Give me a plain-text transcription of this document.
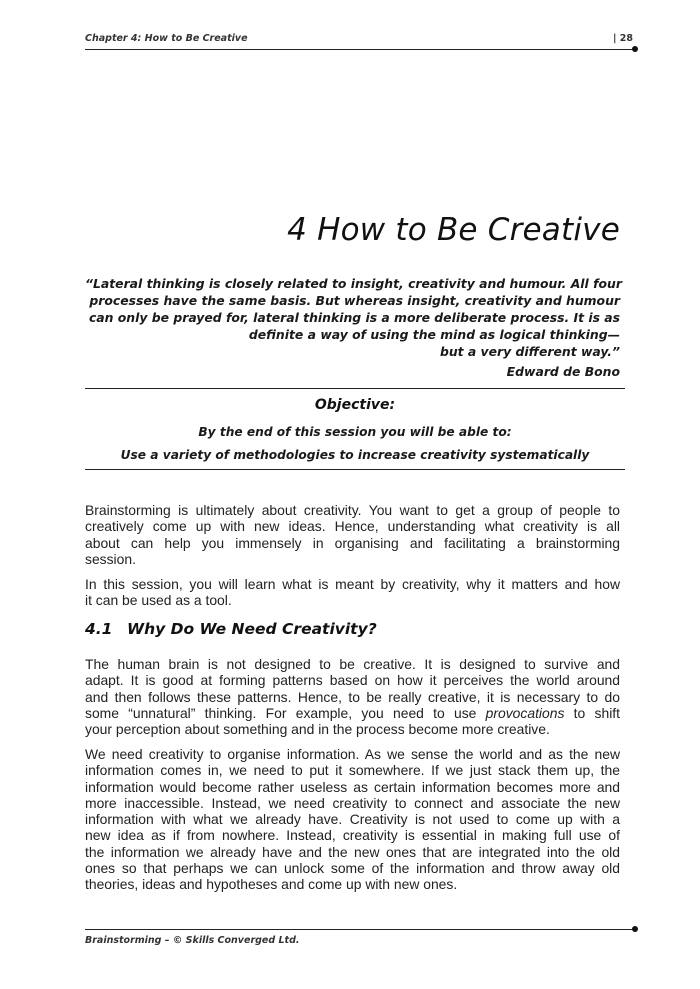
Chapter 4: How to Be Creative	| 28
4 How to Be Creative
“Lateral thinking is closely related to insight, creativity and humour. All four
processes have the same basis. But whereas insight, creativity and humour
can only be prayed for, lateral thinking is a more deliberate process. It is as
definite a way of using the mind as logical thinking—
but a very different way.”
Edward de Bono
Objective:
By the end of this session you will be able to:
Use a variety of methodologies to increase creativity systematically
Brainstorming is ultimately about creativity. You want to get a group of people to
creatively come up with new ideas. Hence, understanding what creativity is all
about can help you immensely in organising and facilitating a brainstorming
session.
In this session, you will learn what is meant by creativity, why it matters and how
it can be used as a tool.
4.1 Why Do We Need Creativity?
The human brain is not designed to be creative. It is designed to survive and
adapt. It is good at forming patterns based on how it perceives the world around
and then follows these patterns. Hence, to be really creative, it is necessary to do
some “unnatural” thinking. For example, you need to use provocations to shift
your perception about something and in the process become more creative.
We need creativity to organise information. As we sense the world and as the new
information comes in, we need to put it somewhere. If we just stack them up, the
information would become rather useless as certain information becomes more and
more inaccessible. Instead, we need creativity to connect and associate the new
information with what we already have. Creativity is not used to come up with a
new idea as if from nowhere. Instead, creativity is essential in making full use of
the information we already have and the new ones that are integrated into the old
ones so that perhaps we can unlock some of the information and throw away old
theories, ideas and hypotheses and come up with new ones.
Brainstorming – © Skills Converged Ltd.
